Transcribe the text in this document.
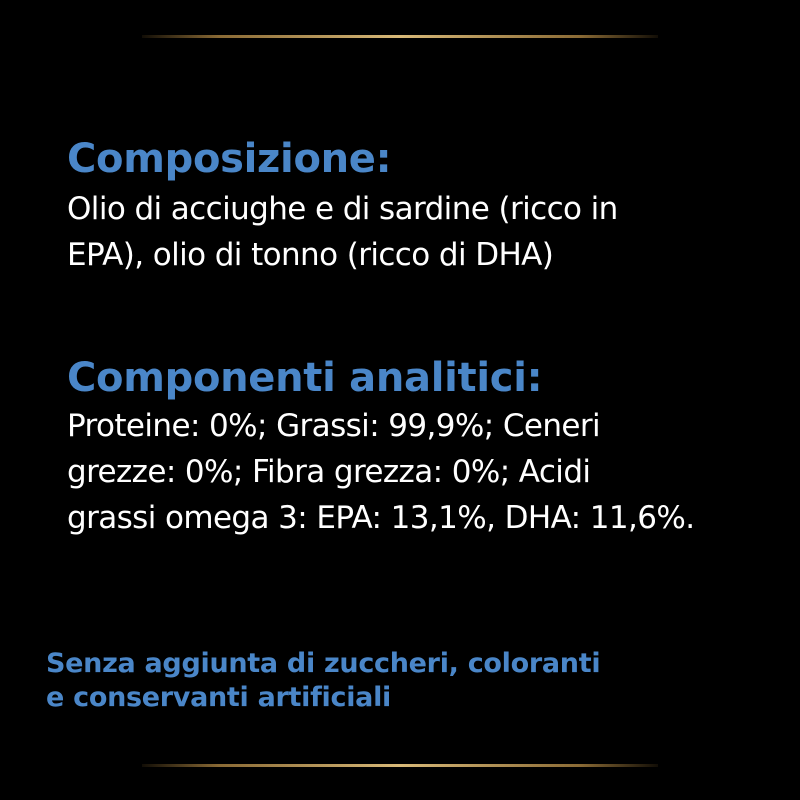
Composizione:

Olio di acciughe e di sardine (ricco in
EPA), olio di tonno (ricco di DHA)

Componenti analitici:

Proteine: 0%; Grassi: 99,9%; Ceneri
grezze: 0%; Fibra grezza: 0%; Acidi
grassi omega 3: EPA: 13,1%, DHA: 11,6%.

Senza aggiunta di zuccheri, coloranti
e conservanti artificiali
